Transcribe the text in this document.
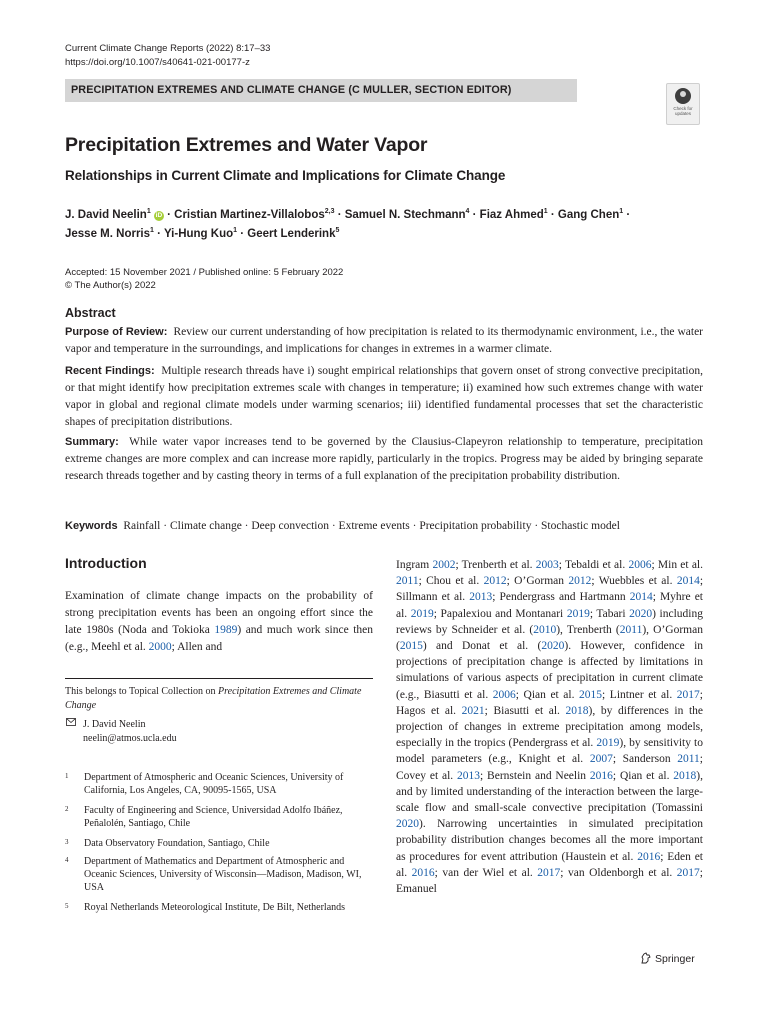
Current Climate Change Reports (2022) 8:17–33
https://doi.org/10.1007/s40641-021-00177-z
PRECIPITATION EXTREMES AND CLIMATE CHANGE (C MULLER, SECTION EDITOR)
Check for updates
Precipitation Extremes and Water Vapor
Relationships in Current Climate and Implications for Climate Change
J. David Neelin$^1$ iD · Cristian Martinez-Villalobos$^{2,3}$ · Samuel N. Stechmann$^4$ · Fiaz Ahmed$^1$ · Gang Chen$^1$ ·
Jesse M. Norris$^1$ · Yi-Hung Kuo$^1$ · Geert Lenderink$^5$
Accepted: 15 November 2021 / Published online: 5 February 2022
© The Author(s) 2022
Abstract
Purpose of Review: Review our current understanding of how precipitation is related to its thermodynamic environment, i.e., the water vapor and temperature in the surroundings, and implications for changes in extremes in a warmer climate.
Recent Findings: Multiple research threads have i) sought empirical relationships that govern onset of strong convective precipitation, or that might identify how precipitation extremes scale with changes in temperature; ii) examined how such extremes change with water vapor in global and regional climate models under warming scenarios; iii) identified fundamental processes that set the characteristic shapes of precipitation distributions.
Summary: While water vapor increases tend to be governed by the Clausius-Clapeyron relationship to temperature, precipitation extreme changes are more complex and can increase more rapidly, particularly in the tropics. Progress may be aided by bringing separate research threads together and by casting theory in terms of a full explanation of the precipitation probability distribution.
Keywords Rainfall · Climate change · Deep convection · Extreme events · Precipitation probability · Stochastic model
Introduction
Examination of climate change impacts on the probability of strong precipitation events has been an ongoing effort since the late 1980s (Noda and Tokioka 1989) and much work since then (e.g., Meehl et al. 2000; Allen and
This belongs to Topical Collection on Precipitation Extremes and Climate Change
J. David Neelin
neelin@atmos.ucla.edu
1 Department of Atmospheric and Oceanic Sciences, University of California, Los Angeles, CA, 90095-1565, USA
2 Faculty of Engineering and Science, Universidad Adolfo Ibáñez, Peñalolén, Santiago, Chile
3 Data Observatory Foundation, Santiago, Chile
4 Department of Mathematics and Department of Atmospheric and Oceanic Sciences, University of Wisconsin—Madison, Madison, WI, USA
5 Royal Netherlands Meteorological Institute, De Bilt, Netherlands
Ingram 2002; Trenberth et al. 2003; Tebaldi et al. 2006; Min et al. 2011; Chou et al. 2012; O’Gorman 2012; Wuebbles et al. 2014; Sillmann et al. 2013; Pendergrass and Hartmann 2014; Myhre et al. 2019; Papalexiou and Montanari 2019; Tabari 2020) including reviews by Schneider et al. (2010), Trenberth (2011), O’Gorman (2015) and Donat et al. (2020). However, confidence in projections of precipitation change is affected by limitations in simulations of various aspects of precipitation in current climate (e.g., Biasutti et al. 2006; Qian et al. 2015; Lintner et al. 2017; Hagos et al. 2021; Biasutti et al. 2018), by differences in the projection of changes in extreme precipitation among models, especially in the tropics (Pendergrass et al. 2019), by sensitivity to model parameters (e.g., Knight et al. 2007; Sanderson 2011; Covey et al. 2013; Bernstein and Neelin 2016; Qian et al. 2018), and by limited understanding of the interaction between the large-scale flow and small-scale convective precipitation (Tomassini 2020). Narrowing uncertainties in simulated precipitation probability distribution changes becomes all the more important as procedures for event attribution (Haustein et al. 2016; Eden et al. 2016; van der Wiel et al. 2017; van Oldenborgh et al. 2017; Emanuel
Springer
